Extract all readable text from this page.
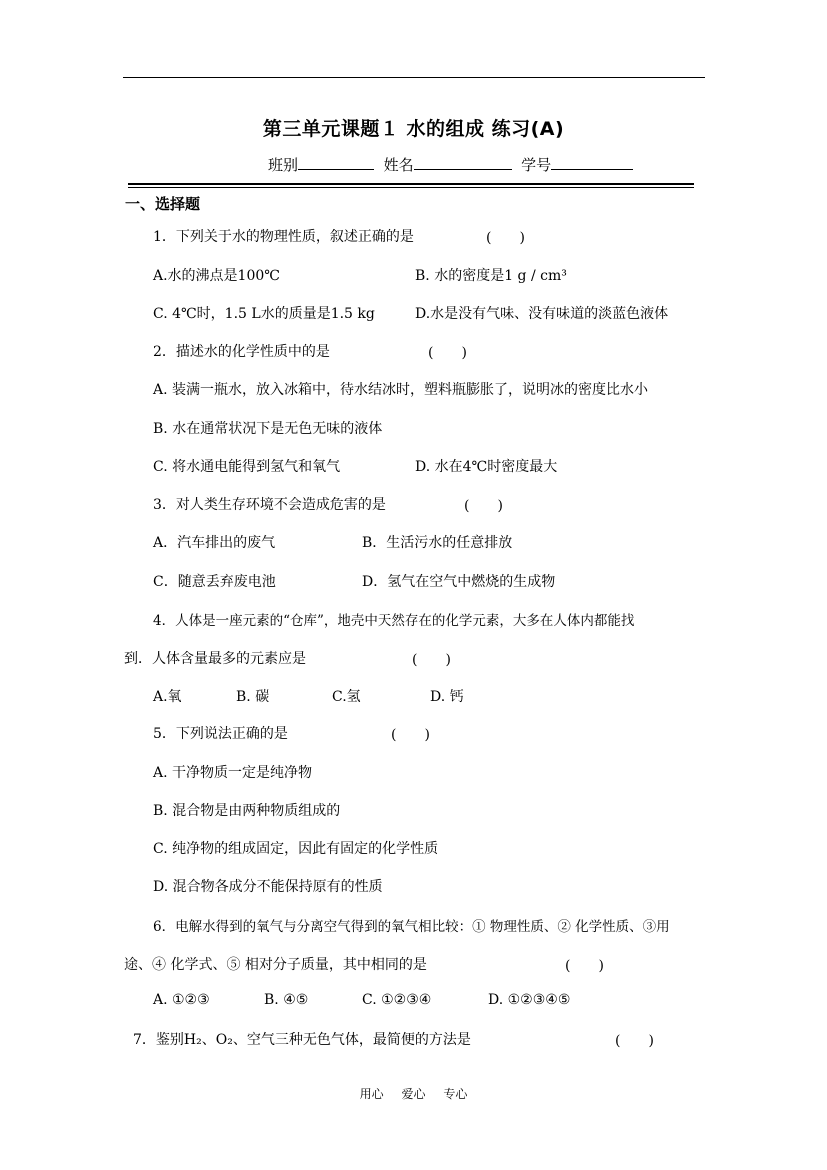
第三单元课题１ 水的组成 练习(A)
班别	姓名	学号
一、选择题
1．下列关于水的物理性质，叙述正确的是	(　　)
A.水的沸点是100℃	B. 水的密度是1 g / cm³
C. 4℃时，1.5 L水的质量是1.5 kg	D.水是没有气味、没有味道的淡蓝色液体
2．描述水的化学性质中的是	(　　)
A. 装满一瓶水，放入冰箱中，待水结冰时，塑料瓶膨胀了，说明冰的密度比水小
B. 水在通常状况下是无色无味的液体
C. 将水通电能得到氢气和氧气	D. 水在4℃时密度最大
3．对人类生存环境不会造成危害的是	(　　)
A．汽车排出的废气	B．生活污水的任意排放
C．随意丢弃废电池	D．氢气在空气中燃烧的生成物
4．人体是一座元素的“仓库”，地壳中天然存在的化学元素，大多在人体内都能找
到．人体含量最多的元素应是	(　　)
A.氧	B. 碳	C.氢	D. 钙
5．下列说法正确的是	(　　)
A. 干净物质一定是纯净物
B. 混合物是由两种物质组成的
C. 纯净物的组成固定，因此有固定的化学性质
D. 混合物各成分不能保持原有的性质
6．电解水得到的氧气与分离空气得到的氧气相比较：① 物理性质、② 化学性质、③用
途、④ 化学式、⑤ 相对分子质量，其中相同的是	(　　)
A. ①②③	B. ④⑤	C. ①②③④	D. ①②③④⑤
7．鉴别H₂、O₂、空气三种无色气体，最简便的方法是	(　　)
用心 爱心 专心
